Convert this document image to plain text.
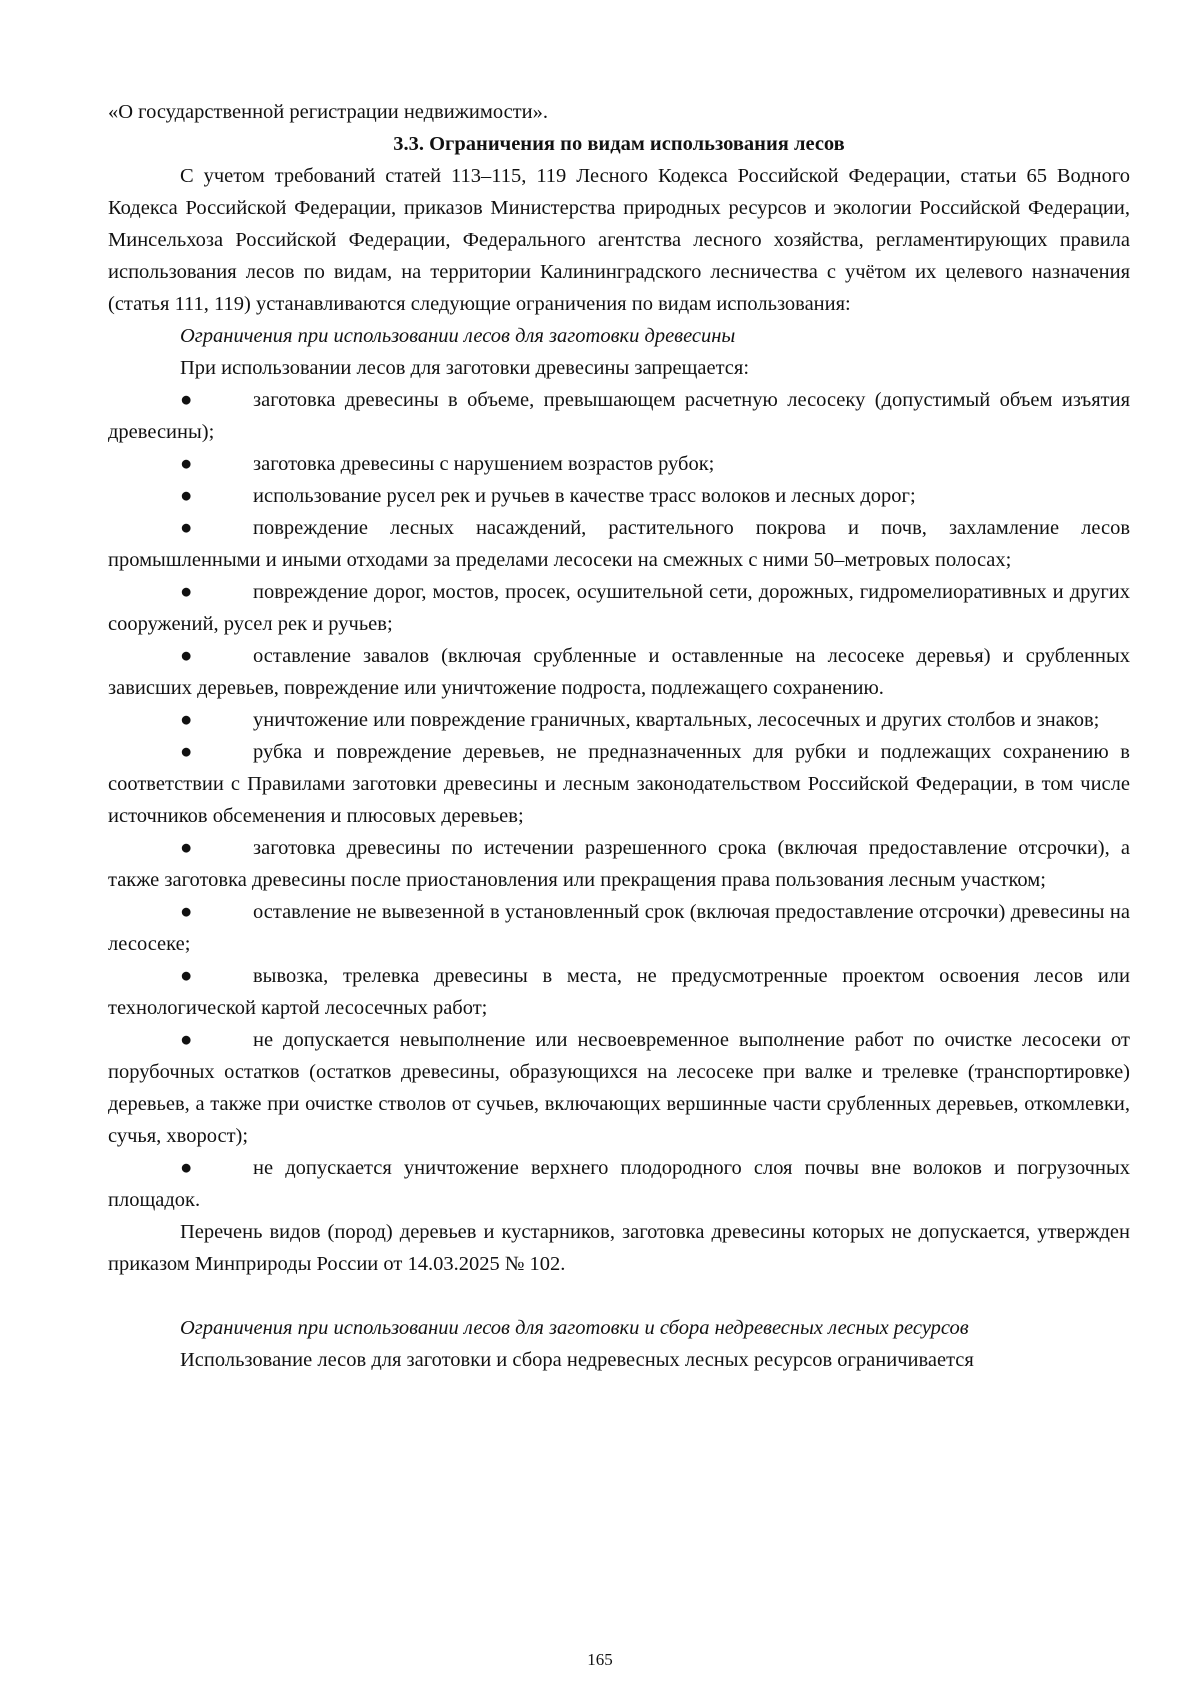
«О государственной регистрации недвижимости».

3.3. Ограничения по видам использования лесов

С учетом требований статей 113–115, 119 Лесного Кодекса Российской Федерации, статьи 65 Водного Кодекса Российской Федерации, приказов Министерства природных ресурсов и экологии Российской Федерации, Минсельхоза Российской Федерации, Федерального агентства лесного хозяйства, регламентирующих правила использования лесов по видам, на территории Калининградского лесничества с учётом их целевого назначения (статья 111, 119) устанавливаются следующие ограничения по видам использования:

Ограничения при использовании лесов для заготовки древесины

При использовании лесов для заготовки древесины запрещается:

●	заготовка древесины в объеме, превышающем расчетную лесосеку (допустимый объем изъятия древесины);

●	заготовка древесины с нарушением возрастов рубок;

●	использование русел рек и ручьев в качестве трасс волоков и лесных дорог;

●	повреждение лесных насаждений, растительного покрова и почв, захламление лесов промышленными и иными отходами за пределами лесосеки на смежных с ними 50–метровых полосах;

●	повреждение дорог, мостов, просек, осушительной сети, дорожных, гидромелиоративных и других сооружений, русел рек и ручьев;

●	оставление завалов (включая срубленные и оставленные на лесосеке деревья) и срубленных зависших деревьев, повреждение или уничтожение подроста, подлежащего сохранению.

●	уничтожение или повреждение граничных, квартальных, лесосечных и других столбов и знаков;

●	рубка и повреждение деревьев, не предназначенных для рубки и подлежащих сохранению в соответствии с Правилами заготовки древесины и лесным законодательством Российской Федерации, в том числе источников обсеменения и плюсовых деревьев;

●	заготовка древесины по истечении разрешенного срока (включая предоставление отсрочки), а также заготовка древесины после приостановления или прекращения права пользования лесным участком;

●	оставление не вывезенной в установленный срок (включая предоставление отсрочки) древесины на лесосеке;

●	вывозка, трелевка древесины в места, не предусмотренные проектом освоения лесов или технологической картой лесосечных работ;

●	не допускается невыполнение или несвоевременное выполнение работ по очистке лесосеки от порубочных остатков (остатков древесины, образующихся на лесосеке при валке и трелевке (транспортировке) деревьев, а также при очистке стволов от сучьев, включающих вершинные части срубленных деревьев, откомлевки, сучья, хворост);

●	не допускается уничтожение верхнего плодородного слоя почвы вне волоков и погрузочных площадок.

Перечень видов (пород) деревьев и кустарников, заготовка древесины которых не допускается, утвержден приказом Минприроды России от 14.03.2025 № 102.

Ограничения при использовании лесов для заготовки и сбора недревесных лесных ресурсов

Использование лесов для заготовки и сбора недревесных лесных ресурсов ограничивается

165
